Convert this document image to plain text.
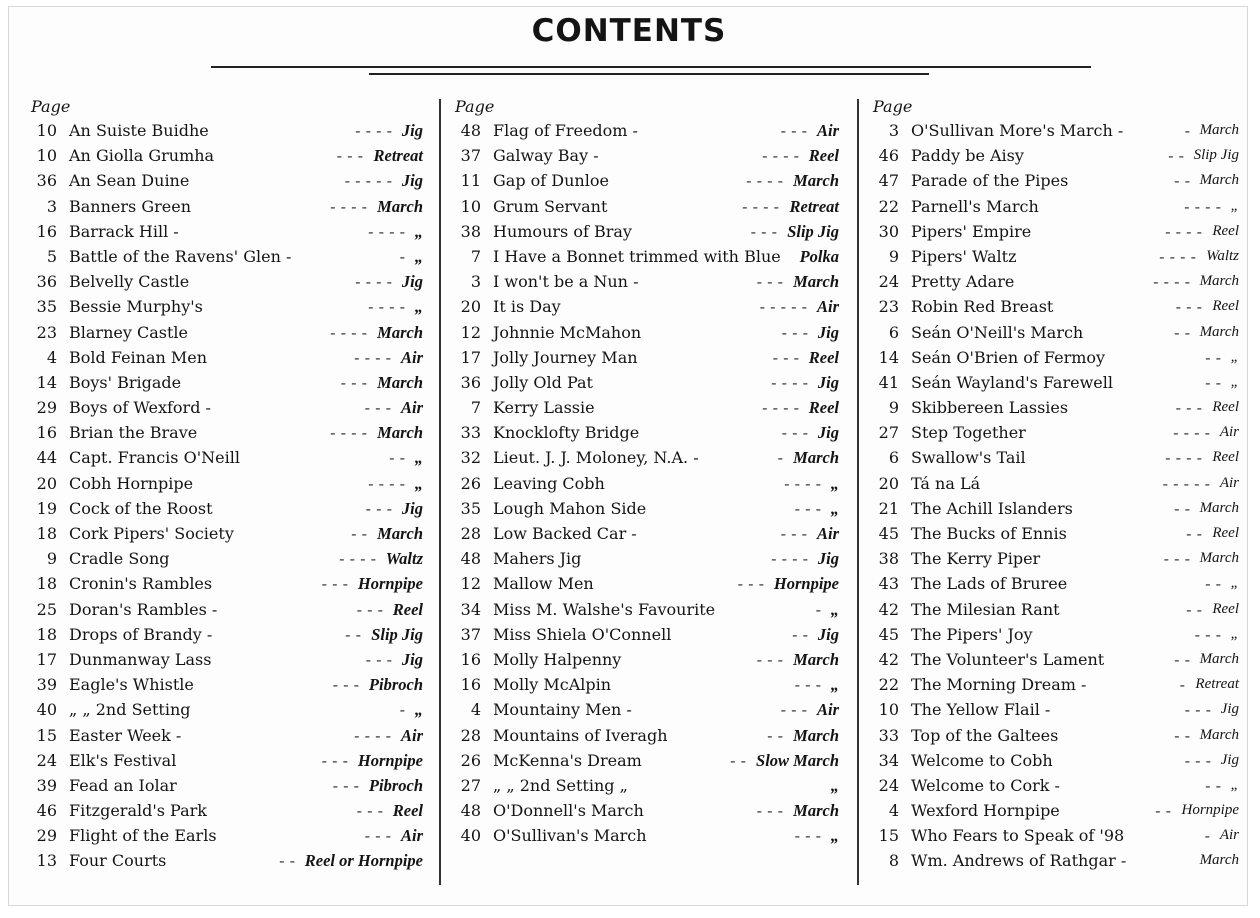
CONTENTS
Page
10 An Suiste Buidhe	- - - - Jig
10 An Giolla Grumha	- - - Retreat
36 An Sean Duine	- - - - - Jig
3 Banners Green	- - - - March
16 Barrack Hill -	- - - - „
5 Battle of the Ravens' Glen -	- „
36 Belvelly Castle	- - - - Jig
35 Bessie Murphy's	- - - - „
23 Blarney Castle	- - - - March
4 Bold Feinan Men	- - - - Air
14 Boys' Brigade	- - - March
29 Boys of Wexford -	- - - Air
16 Brian the Brave	- - - - March
44 Capt. Francis O'Neill	- - „
20 Cobh Hornpipe	- - - - „
19 Cock of the Roost	- - - Jig
18 Cork Pipers' Society	- - March
9 Cradle Song	- - - - Waltz
18 Cronin's Rambles	- - - Hornpipe
25 Doran's Rambles -	- - - Reel
18 Drops of Brandy -	- - Slip Jig
17 Dunmanway Lass	- - - Jig
39 Eagle's Whistle	- - - Pibroch
40 „ „ 2nd Setting	- „
15 Easter Week -	- - - - Air
24 Elk's Festival	- - - Hornpipe
39 Fead an Iolar	- - - Pibroch
46 Fitzgerald's Park	- - - Reel
29 Flight of the Earls	- - - Air
13 Four Courts	- - Reel or Hornpipe
Page
48 Flag of Freedom -	- - - Air
37 Galway Bay -	- - - - Reel
11 Gap of Dunloe	- - - - March
10 Grum Servant	- - - - Retreat
38 Humours of Bray	- - - Slip Jig
7 I Have a Bonnet trimmed with Blue Polka
3 I won't be a Nun -	- - - March
20 It is Day	- - - - - Air
12 Johnnie McMahon	- - - Jig
17 Jolly Journey Man	- - - Reel
36 Jolly Old Pat	- - - - Jig
7 Kerry Lassie	- - - - Reel
33 Knocklofty Bridge	- - - Jig
32 Lieut. J. J. Moloney, N.A. -	- March
26 Leaving Cobh	- - - - „
35 Lough Mahon Side	- - - „
28 Low Backed Car -	- - - Air
48 Mahers Jig	- - - - Jig
12 Mallow Men	- - - Hornpipe
34 Miss M. Walshe's Favourite	- „
37 Miss Shiela O'Connell	- - Jig
16 Molly Halpenny	- - - March
16 Molly McAlpin	- - - „
4 Mountainy Men -	- - - Air
28 Mountains of Iveragh	- - March
26 McKenna's Dream	- - Slow March
27 „ „ 2nd Setting „	„
48 O'Donnell's March	- - - March
40 O'Sullivan's March	- - - „
Page
3 O'Sullivan More's March -	- March
46 Paddy be Aisy	- - Slip Jig
47 Parade of the Pipes	- - March
22 Parnell's March	- - - - „
30 Pipers' Empire	- - - - Reel
9 Pipers' Waltz	- - - - Waltz
24 Pretty Adare	- - - - March
23 Robin Red Breast	- - - Reel
6 Seán O'Neill's March	- - March
14 Seán O'Brien of Fermoy	- - „
41 Seán Wayland's Farewell	- - „
9 Skibbereen Lassies	- - - Reel
27 Step Together	- - - - Air
6 Swallow's Tail	- - - - Reel
20 Tá na Lá	- - - - - Air
21 The Achill Islanders	- - March
45 The Bucks of Ennis	- - Reel
38 The Kerry Piper	- - - March
43 The Lads of Bruree	- - „
42 The Milesian Rant	- - Reel
45 The Pipers' Joy	- - - „
42 The Volunteer's Lament	- - March
22 The Morning Dream -	- Retreat
10 The Yellow Flail -	- - - Jig
33 Top of the Galtees	- - March
34 Welcome to Cobh	- - - Jig
24 Welcome to Cork -	- - „
4 Wexford Hornpipe	- - Hornpipe
15 Who Fears to Speak of '98	- Air
8 Wm. Andrews of Rathgar -	March
